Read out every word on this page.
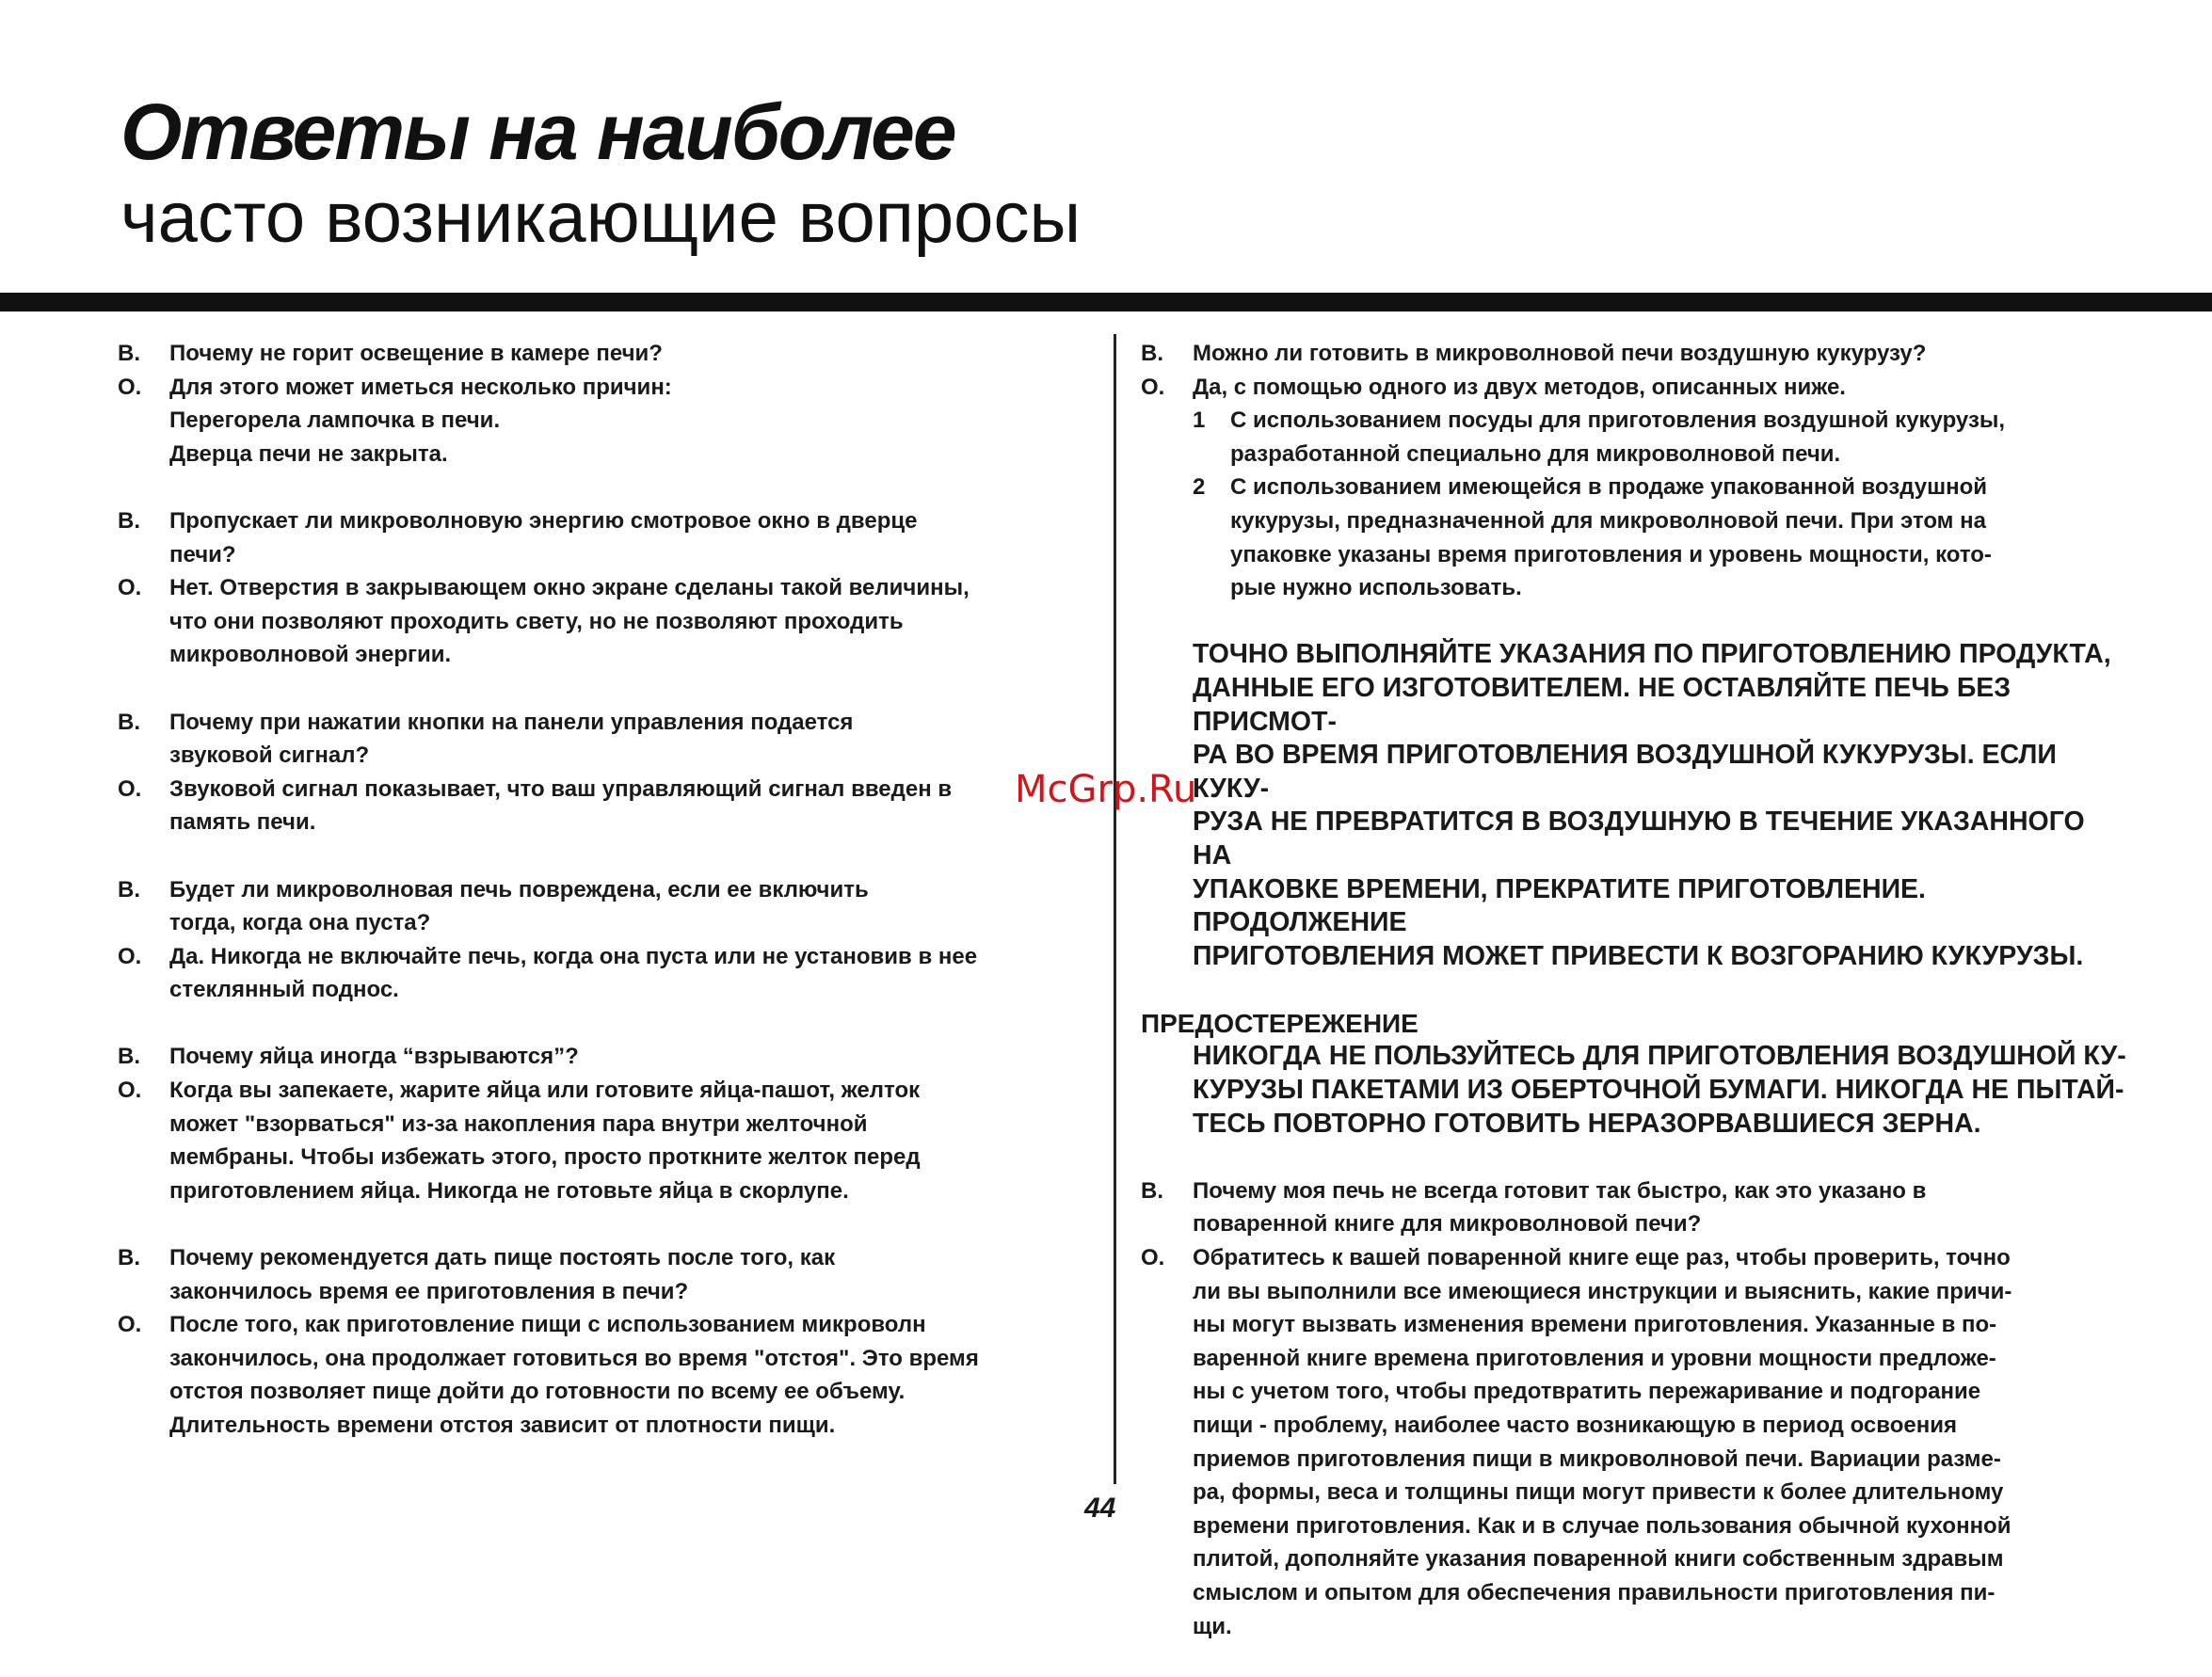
Ответы на наиболее
часто возникающие вопросы
В.	Почему не горит освещение в камере печи?
О.	Для этого может иметься несколько причин:
Перегорела лампочка в печи.
Дверца печи не закрыта.
В.	Пропускает ли микроволновую энергию смотровое окно в дверце
печи?
О.	Нет. Отверстия в закрывающем окно экране сделаны такой величины,
что они позволяют проходить свету, но не позволяют проходить
микроволновой энергии.
В.	Почему при нажатии кнопки на панели управления подается
звуковой сигнал?
О.	Звуковой сигнал показывает, что ваш управляющий сигнал введен в
память печи.
В.	Будет ли микроволновая печь повреждена, если ее включить
тогда, когда она пуста?
О.	Да. Никогда не включайте печь, когда она пуста или не установив в нее
стеклянный поднос.
В.	Почему яйца иногда “взрываются”?
О.	Когда вы запекаете, жарите яйца или готовите яйца-пашот, желток
может "взорваться" из-за накопления пара внутри желточной
мембраны. Чтобы избежать этого, просто проткните желток перед
приготовлением яйца. Никогда не готовьте яйца в скорлупе.
В.	Почему рекомендуется дать пище постоять после того, как
закончилось время ее приготовления в печи?
О.	После того, как приготовление пищи с использованием микроволн
закончилось, она продолжает готовиться во время "отстоя". Это время
отстоя позволяет пище дойти до готовности по всему ее объему.
Длительность времени отстоя зависит от плотности пищи.
В.	Можно ли готовить в микроволновой печи воздушную кукурузу?
О.	Да, с помощью одного из двух методов, описанных ниже.
1	С использованием посуды для приготовления воздушной кукурузы,
разработанной специально для микроволновой печи.
2	С использованием имеющейся в продаже упакованной воздушной
кукурузы, предназначенной для микроволновой печи. При этом на
упаковке указаны время приготовления и уровень мощности, кото-
рые нужно использовать.
ТОЧНО ВЫПОЛНЯЙТЕ УКАЗАНИЯ ПО ПРИГОТОВЛЕНИЮ ПРОДУКТА,
ДАННЫЕ ЕГО ИЗГОТОВИТЕЛЕМ. НЕ ОСТАВЛЯЙТЕ ПЕЧЬ БЕЗ ПРИСМОТ-
РА ВО ВРЕМЯ ПРИГОТОВЛЕНИЯ ВОЗДУШНОЙ КУКУРУЗЫ. ЕСЛИ КУКУ-
РУЗА НЕ ПРЕВРАТИТСЯ В ВОЗДУШНУЮ В ТЕЧЕНИЕ УКАЗАННОГО НА
УПАКОВКЕ ВРЕМЕНИ, ПРЕКРАТИТЕ ПРИГОТОВЛЕНИЕ. ПРОДОЛЖЕНИЕ
ПРИГОТОВЛЕНИЯ МОЖЕТ ПРИВЕСТИ К ВОЗГОРАНИЮ КУКУРУЗЫ.
ПРЕДОСТЕРЕЖЕНИЕ
НИКОГДА НЕ ПОЛЬЗУЙТЕСЬ ДЛЯ ПРИГОТОВЛЕНИЯ ВОЗДУШНОЙ КУ-
КУРУЗЫ ПАКЕТАМИ ИЗ ОБЕРТОЧНОЙ БУМАГИ. НИКОГДА НЕ ПЫТАЙ-
ТЕСЬ ПОВТОРНО ГОТОВИТЬ НЕРАЗОРВАВШИЕСЯ ЗЕРНА.
В.	Почему моя печь не всегда готовит так быстро, как это указано в
поваренной книге для микроволновой печи?
О.	Обратитесь к вашей поваренной книге еще раз, чтобы проверить, точно
ли вы выполнили все имеющиеся инструкции и выяснить, какие причи-
ны могут вызвать изменения времени приготовления. Указанные в по-
варенной книге времена приготовления и уровни мощности предложе-
ны с учетом того, чтобы предотвратить пережаривание и подгорание
пищи - проблему, наиболее часто возникающую в период освоения
приемов приготовления пищи в микроволновой печи. Вариации разме-
ра, формы, веса и толщины пищи могут привести к более длительному
времени приготовления. Как и в случае пользования обычной кухонной
плитой, дополняйте указания поваренной книги собственным здравым
смыслом и опытом для обеспечения правильности приготовления пи-
щи.
44
McGrp.Ru
